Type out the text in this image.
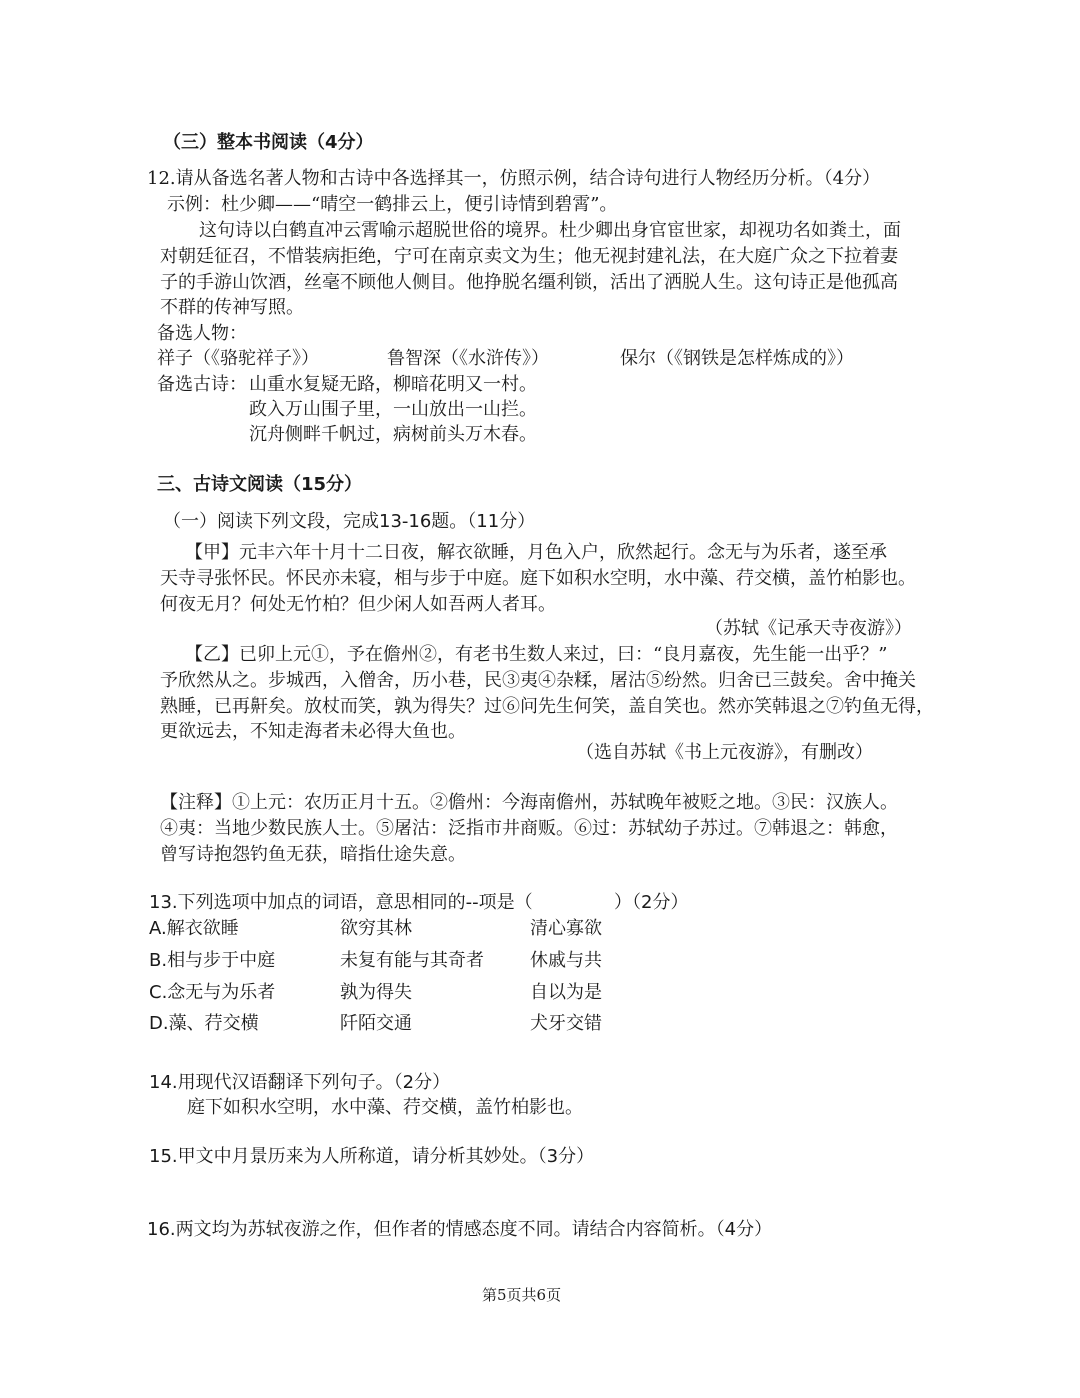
（三）整本书阅读（4分）
12.请从备选名著人物和古诗中各选择其一，仿照示例，结合诗句进行人物经历分析。（4分）
示例：杜少卿——“晴空一鹤排云上，便引诗情到碧霄”。
这句诗以白鹤直冲云霄喻示超脱世俗的境界。杜少卿出身官宦世家，却视功名如粪土，面
对朝廷征召，不惜装病拒绝，宁可在南京卖文为生；他无视封建礼法，在大庭广众之下拉着妻
子的手游山饮酒，丝毫不顾他人侧目。他挣脱名缰利锁，活出了洒脱人生。这句诗正是他孤高
不群的传神写照。
备选人物：
祥子（《骆驼祥子》）	鲁智深（《水浒传》）	保尔（《钢铁是怎样炼成的》）
备选古诗： 山重水复疑无路，柳暗花明又一村。
政入万山围子里，一山放出一山拦。
沉舟侧畔千帆过，病树前头万木春。
三、古诗文阅读（15分）
（一）阅读下列文段，完成13-16题。（11分）
【甲】元丰六年十月十二日夜，解衣欲睡，月色入户，欣然起行。念无与为乐者，遂至承
天寺寻张怀民。怀民亦未寝，相与步于中庭。庭下如积水空明，水中藻、荇交横，盖竹柏影也。
何夜无月？何处无竹柏？但少闲人如吾两人者耳。
（苏轼《记承天寺夜游》）
【乙】已卯上元①，予在儋州②，有老书生数人来过，曰：“良月嘉夜，先生能一出乎？”
予欣然从之。步城西，入僧舍，历小巷，民③夷④杂糅，屠沽⑤纷然。归舍已三鼓矣。舍中掩关
熟睡，已再鼾矣。放杖而笑，孰为得失？过⑥问先生何笑，盖自笑也。然亦笑韩退之⑦钓鱼无得，
更欲远去，不知走海者未必得大鱼也。
（选自苏轼《书上元夜游》，有删改）
【注释】①上元：农历正月十五。②儋州：今海南儋州，苏轼晚年被贬之地。③民：汉族人。
④夷：当地少数民族人士。⑤屠沽：泛指市井商贩。⑥过：苏轼幼子苏过。⑦韩退之：韩愈，
曾写诗抱怨钓鱼无获，暗指仕途失意。
13.下列选项中加点的词语，意思相同的--项是（	）（2分）
A.解衣欲睡	欲穷其林	清心寡欲
B.相与步于中庭	未复有能与其奇者	休戚与共
C.念无与为乐者	孰为得失	自以为是
D.藻、荇交横	阡陌交通	犬牙交错
14.用现代汉语翻译下列句子。（2分）
庭下如积水空明，水中藻、荇交横，盖竹柏影也。
15.甲文中月景历来为人所称道，请分析其妙处。（3分）
16.两文均为苏轼夜游之作，但作者的情感态度不同。请结合内容简析。（4分）
第5页共6页
